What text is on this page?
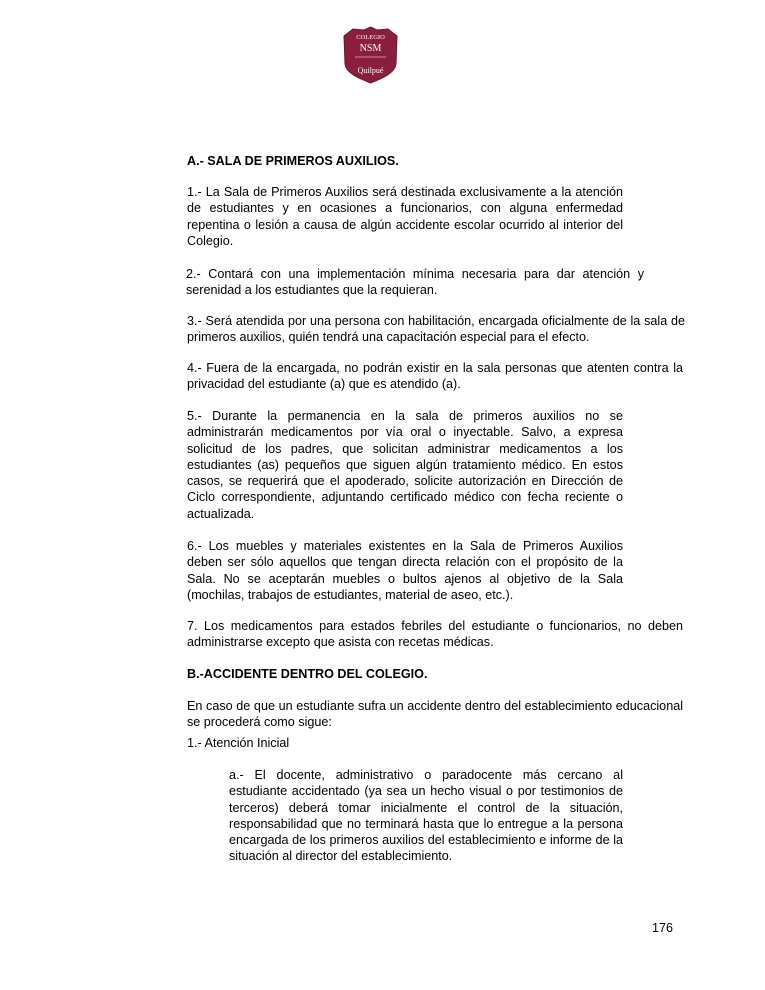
COLEGIO
NSM
Quilpué
A.- SALA DE PRIMEROS AUXILIOS.
1.- La Sala de Primeros Auxilios será destinada exclusivamente a la atención de estudiantes y en ocasiones a funcionarios, con alguna enfermedad repentina o lesión a causa de algún accidente escolar ocurrido al interior del Colegio.
2.- Contará con una implementación mínima necesaria para dar atención y serenidad a los estudiantes que la requieran.
3.- Será atendida por una persona con habilitación, encargada oficialmente de la sala de primeros auxilios, quién tendrá una capacitación especial para el efecto.
4.- Fuera de la encargada, no podrán existir en la sala personas que atenten contra la privacidad del estudiante (a) que es atendido (a).
5.- Durante la permanencia en la sala de primeros auxilios no se administrarán medicamentos por vía oral o inyectable. Salvo, a expresa solicitud de los padres, que solicitan administrar medicamentos a los estudiantes (as) pequeños que siguen algún tratamiento médico. En estos casos, se requerirá que el apoderado, solicite autorización en Dirección de Ciclo correspondiente, adjuntando certificado médico con fecha reciente o actualizada.
6.- Los muebles y materiales existentes en la Sala de Primeros Auxilios deben ser sólo aquellos que tengan directa relación con el propósito de la Sala. No se aceptarán muebles o bultos ajenos al objetivo de la Sala (mochilas, trabajos de estudiantes, material de aseo, etc.).
7. Los medicamentos para estados febriles del estudiante o funcionarios, no deben administrarse excepto que asista con recetas médicas.
B.-ACCIDENTE DENTRO DEL COLEGIO.
En caso de que un estudiante sufra un accidente dentro del establecimiento educacional se procederá como sigue:
1.- Atención Inicial
a.- El docente, administrativo o paradocente más cercano al estudiante accidentado (ya sea un hecho visual o por testimonios de terceros) deberá tomar inicialmente el control de la situación, responsabilidad que no terminará hasta que lo entregue a la persona encargada de los primeros auxilios del establecimiento e informe de la situación al director del establecimiento.
176
